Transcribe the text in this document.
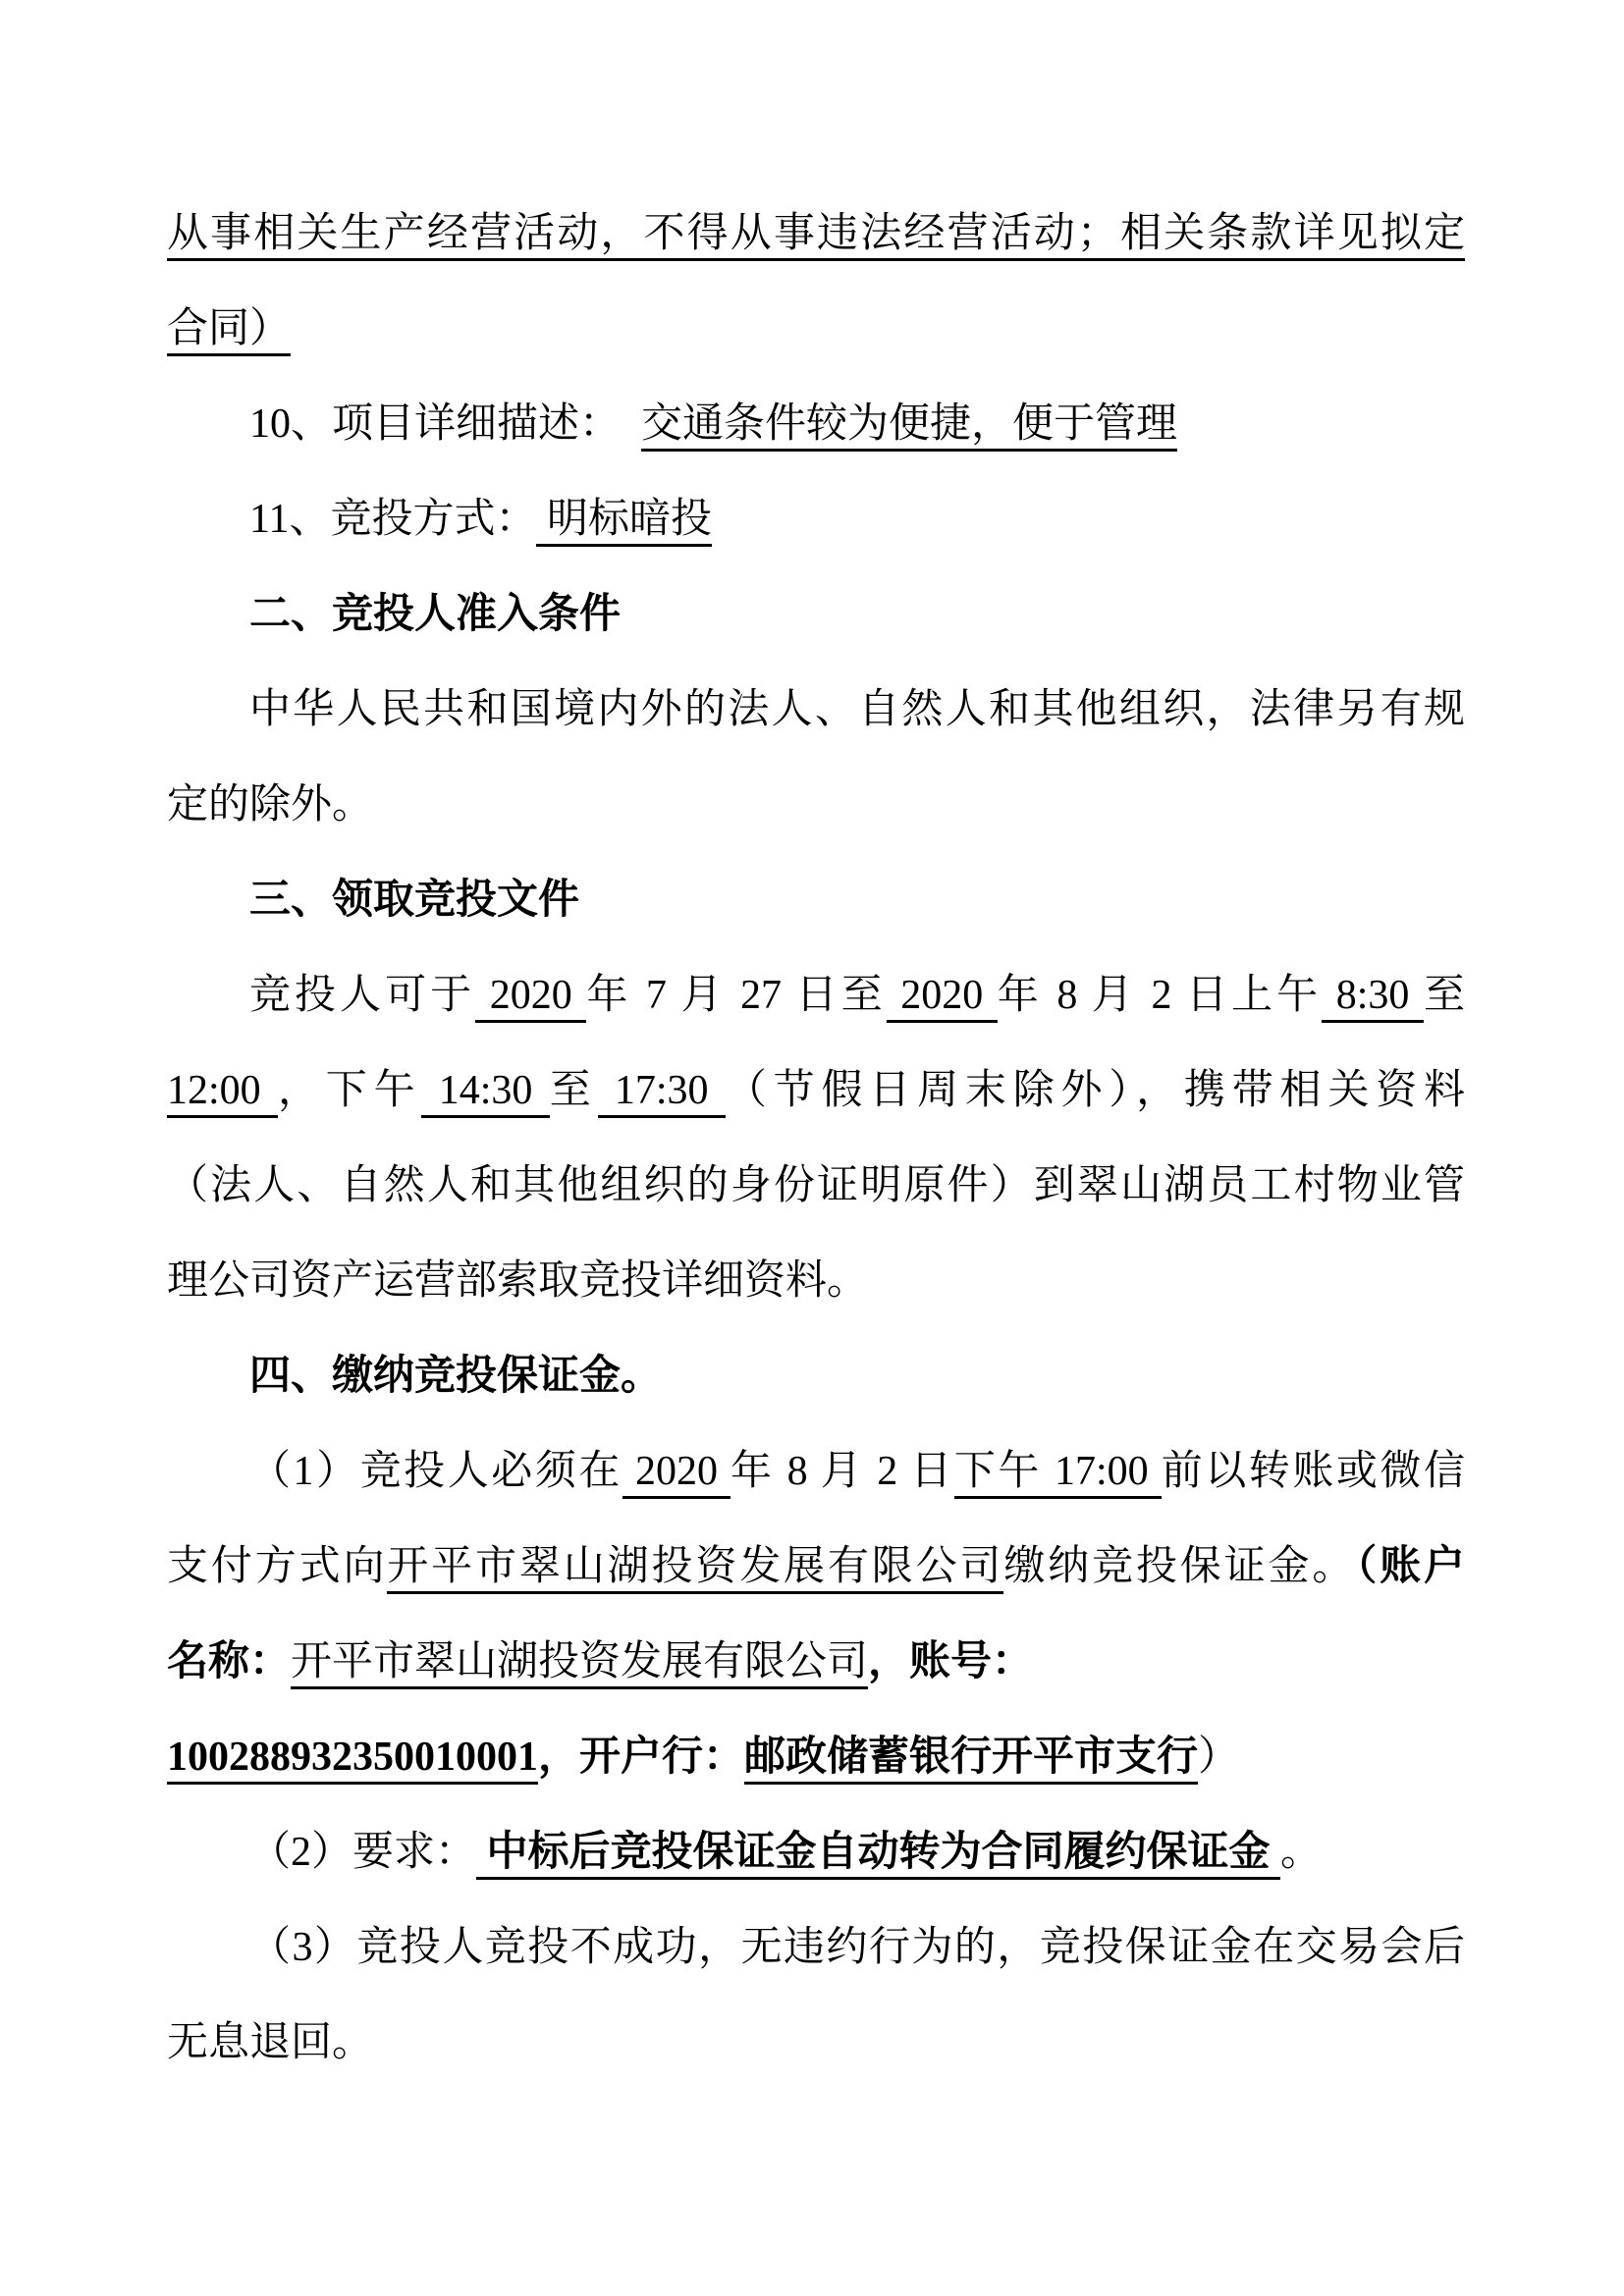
从事相关生产经营活动，不得从事违法经营活动；相关条款详见拟定
合同）
10、项目详细描述：　交通条件较为便捷，便于管理
11、竞投方式： 明标暗投
二、竞投人准入条件
中华人民共和国境内外的法人、自然人和其他组织，法律另有规
定的除外。
三、领取竞投文件
竞投人可于 2020 年 7 月 27 日至 2020 年 8 月 2 日上午 8:30 至
12:00 ，下午 14:30 至 17:30 （节假日周末除外），携带相关资料
（法人、自然人和其他组织的身份证明原件）到翠山湖员工村物业管
理公司资产运营部索取竞投详细资料。
四、缴纳竞投保证金。
（1）竞投人必须在 2020 年 8 月 2 日下午 17:00 前以转账或微信
支付方式向开平市翠山湖投资发展有限公司缴纳竞投保证金。（账户
名称：开平市翠山湖投资发展有限公司，账号：
100288932350010001，开户行：邮政储蓄银行开平市支行）
（2）要求： 中标后竞投保证金自动转为合同履约保证金 。
（3）竞投人竞投不成功，无违约行为的，竞投保证金在交易会后
无息退回。
